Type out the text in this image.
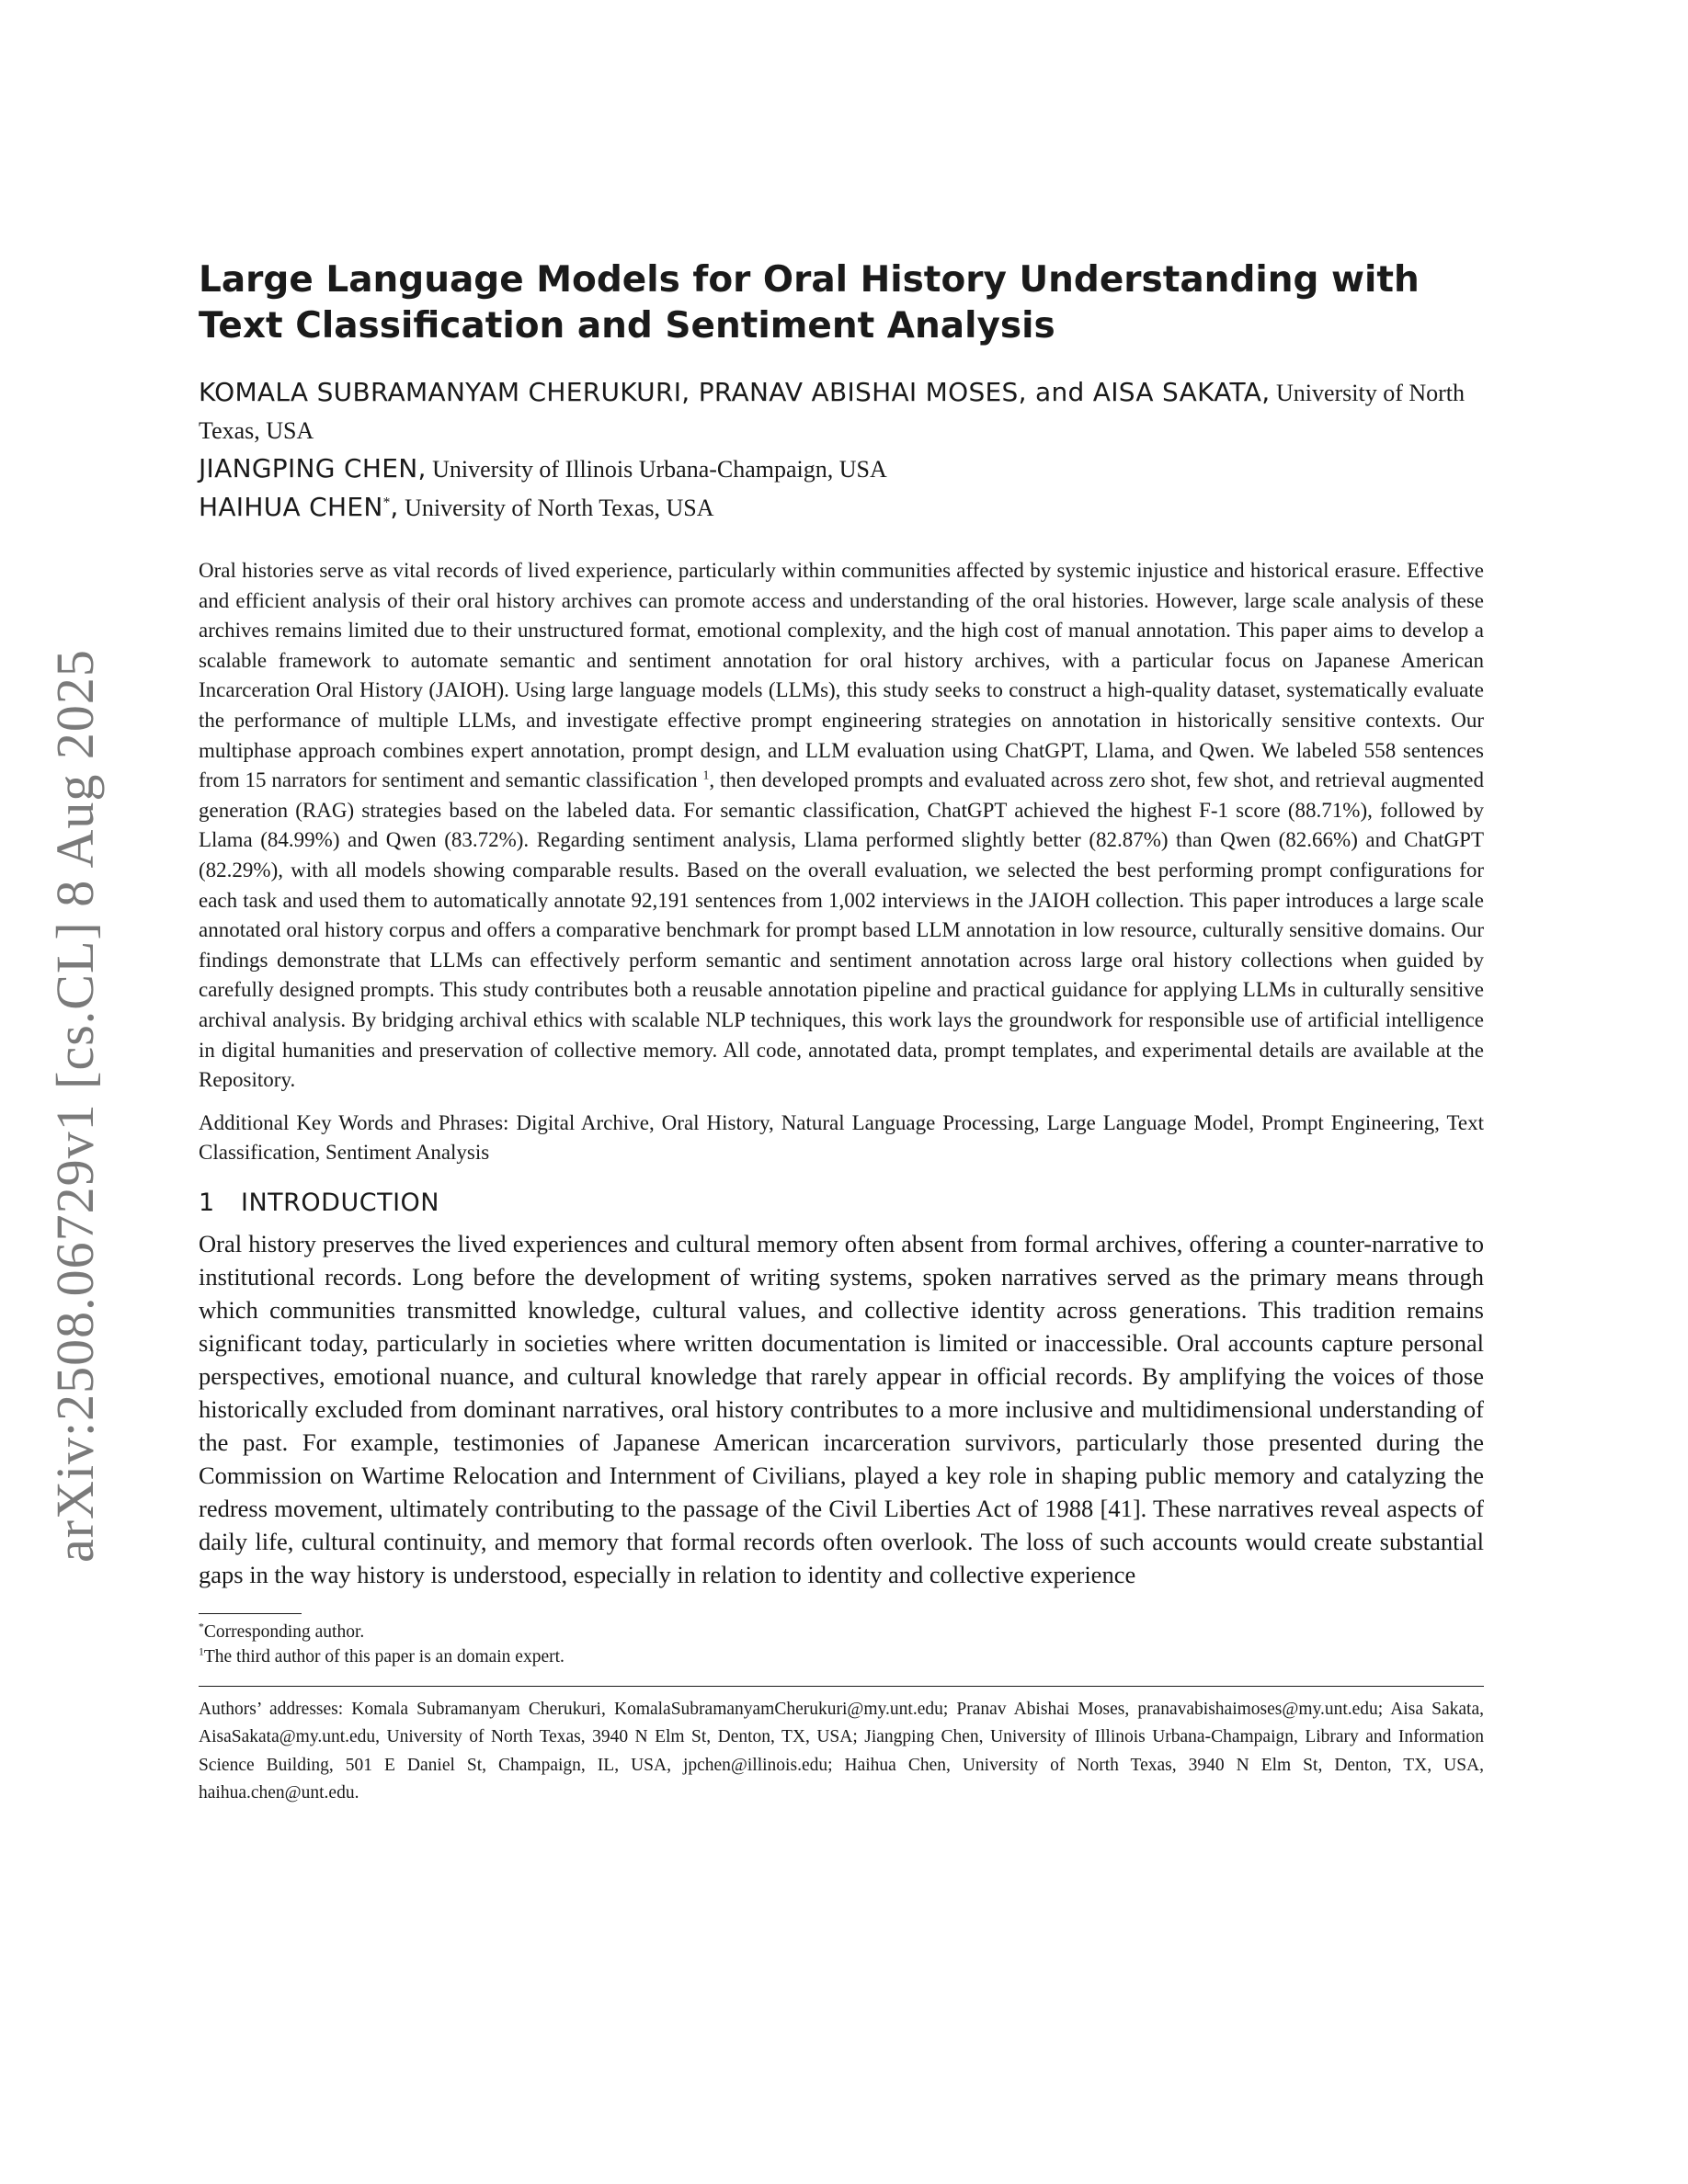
arXiv:2508.06729v1 [cs.CL] 8 Aug 2025
Large Language Models for Oral History Understanding with Text Classification and Sentiment Analysis

KOMALA SUBRAMANYAM CHERUKURI, PRANAV ABISHAI MOSES, and AISA SAKATA, University of North Texas, USA

JIANGPING CHEN, University of Illinois Urbana-Champaign, USA

HAIHUA CHEN*, University of North Texas, USA

Oral histories serve as vital records of lived experience, particularly within communities affected by systemic injustice and historical erasure. Effective and efficient analysis of their oral history archives can promote access and understanding of the oral histories. However, large scale analysis of these archives remains limited due to their unstructured format, emotional complexity, and the high cost of manual annotation. This paper aims to develop a scalable framework to automate semantic and sentiment annotation for oral history archives, with a particular focus on Japanese American Incarceration Oral History (JAIOH). Using large language models (LLMs), this study seeks to construct a high-quality dataset, systematically evaluate the performance of multiple LLMs, and investigate effective prompt engineering strategies on annotation in historically sensitive contexts. Our multiphase approach combines expert annotation, prompt design, and LLM evaluation using ChatGPT, Llama, and Qwen. We labeled 558 sentences from 15 narrators for sentiment and semantic classification $^1$, then developed prompts and evaluated across zero shot, few shot, and retrieval augmented generation (RAG) strategies based on the labeled data. For semantic classification, ChatGPT achieved the highest F-1 score (88.71%), followed by Llama (84.99%) and Qwen (83.72%). Regarding sentiment analysis, Llama performed slightly better (82.87%) than Qwen (82.66%) and ChatGPT (82.29%), with all models showing comparable results. Based on the overall evaluation, we selected the best performing prompt configurations for each task and used them to automatically annotate 92,191 sentences from 1,002 interviews in the JAIOH collection. This paper introduces a large scale annotated oral history corpus and offers a comparative benchmark for prompt based LLM annotation in low resource, culturally sensitive domains. Our findings demonstrate that LLMs can effectively perform semantic and sentiment annotation across large oral history collections when guided by carefully designed prompts. This study contributes both a reusable annotation pipeline and practical guidance for applying LLMs in culturally sensitive archival analysis. By bridging archival ethics with scalable NLP techniques, this work lays the groundwork for responsible use of artificial intelligence in digital humanities and preservation of collective memory. All code, annotated data, prompt templates, and experimental details are available at the Repository.

Additional Key Words and Phrases: Digital Archive, Oral History, Natural Language Processing, Large Language Model, Prompt Engineering, Text Classification, Sentiment Analysis

1 INTRODUCTION

Oral history preserves the lived experiences and cultural memory often absent from formal archives, offering a counter-narrative to institutional records. Long before the development of writing systems, spoken narratives served as the primary means through which communities transmitted knowledge, cultural values, and collective identity across generations. This tradition remains significant today, particularly in societies where written documentation is limited or inaccessible. Oral accounts capture personal perspectives, emotional nuance, and cultural knowledge that rarely appear in official records. By amplifying the voices of those historically excluded from dominant narratives, oral history contributes to a more inclusive and multidimensional understanding of the past. For example, testimonies of Japanese American incarceration survivors, particularly those presented during the Commission on Wartime Relocation and Internment of Civilians, played a key role in shaping public memory and catalyzing the redress movement, ultimately contributing to the passage of the Civil Liberties Act of 1988 [41]. These narratives reveal aspects of daily life, cultural continuity, and memory that formal records often overlook. The loss of such accounts would create substantial gaps in the way history is understood, especially in relation to identity and collective experience

*Corresponding author.

$^1$The third author of this paper is an domain expert.

Authors’ addresses: Komala Subramanyam Cherukuri, KomalaSubramanyamCherukuri@my.unt.edu; Pranav Abishai Moses, pranavabishaimoses@my.unt.edu; Aisa Sakata, AisaSakata@my.unt.edu, University of North Texas, 3940 N Elm St, Denton, TX, USA; Jiangping Chen, University of Illinois Urbana-Champaign, Library and Information Science Building, 501 E Daniel St, Champaign, IL, USA, jpchen@illinois.edu; Haihua Chen, University of North Texas, 3940 N Elm St, Denton, TX, USA, haihua.chen@unt.edu.
